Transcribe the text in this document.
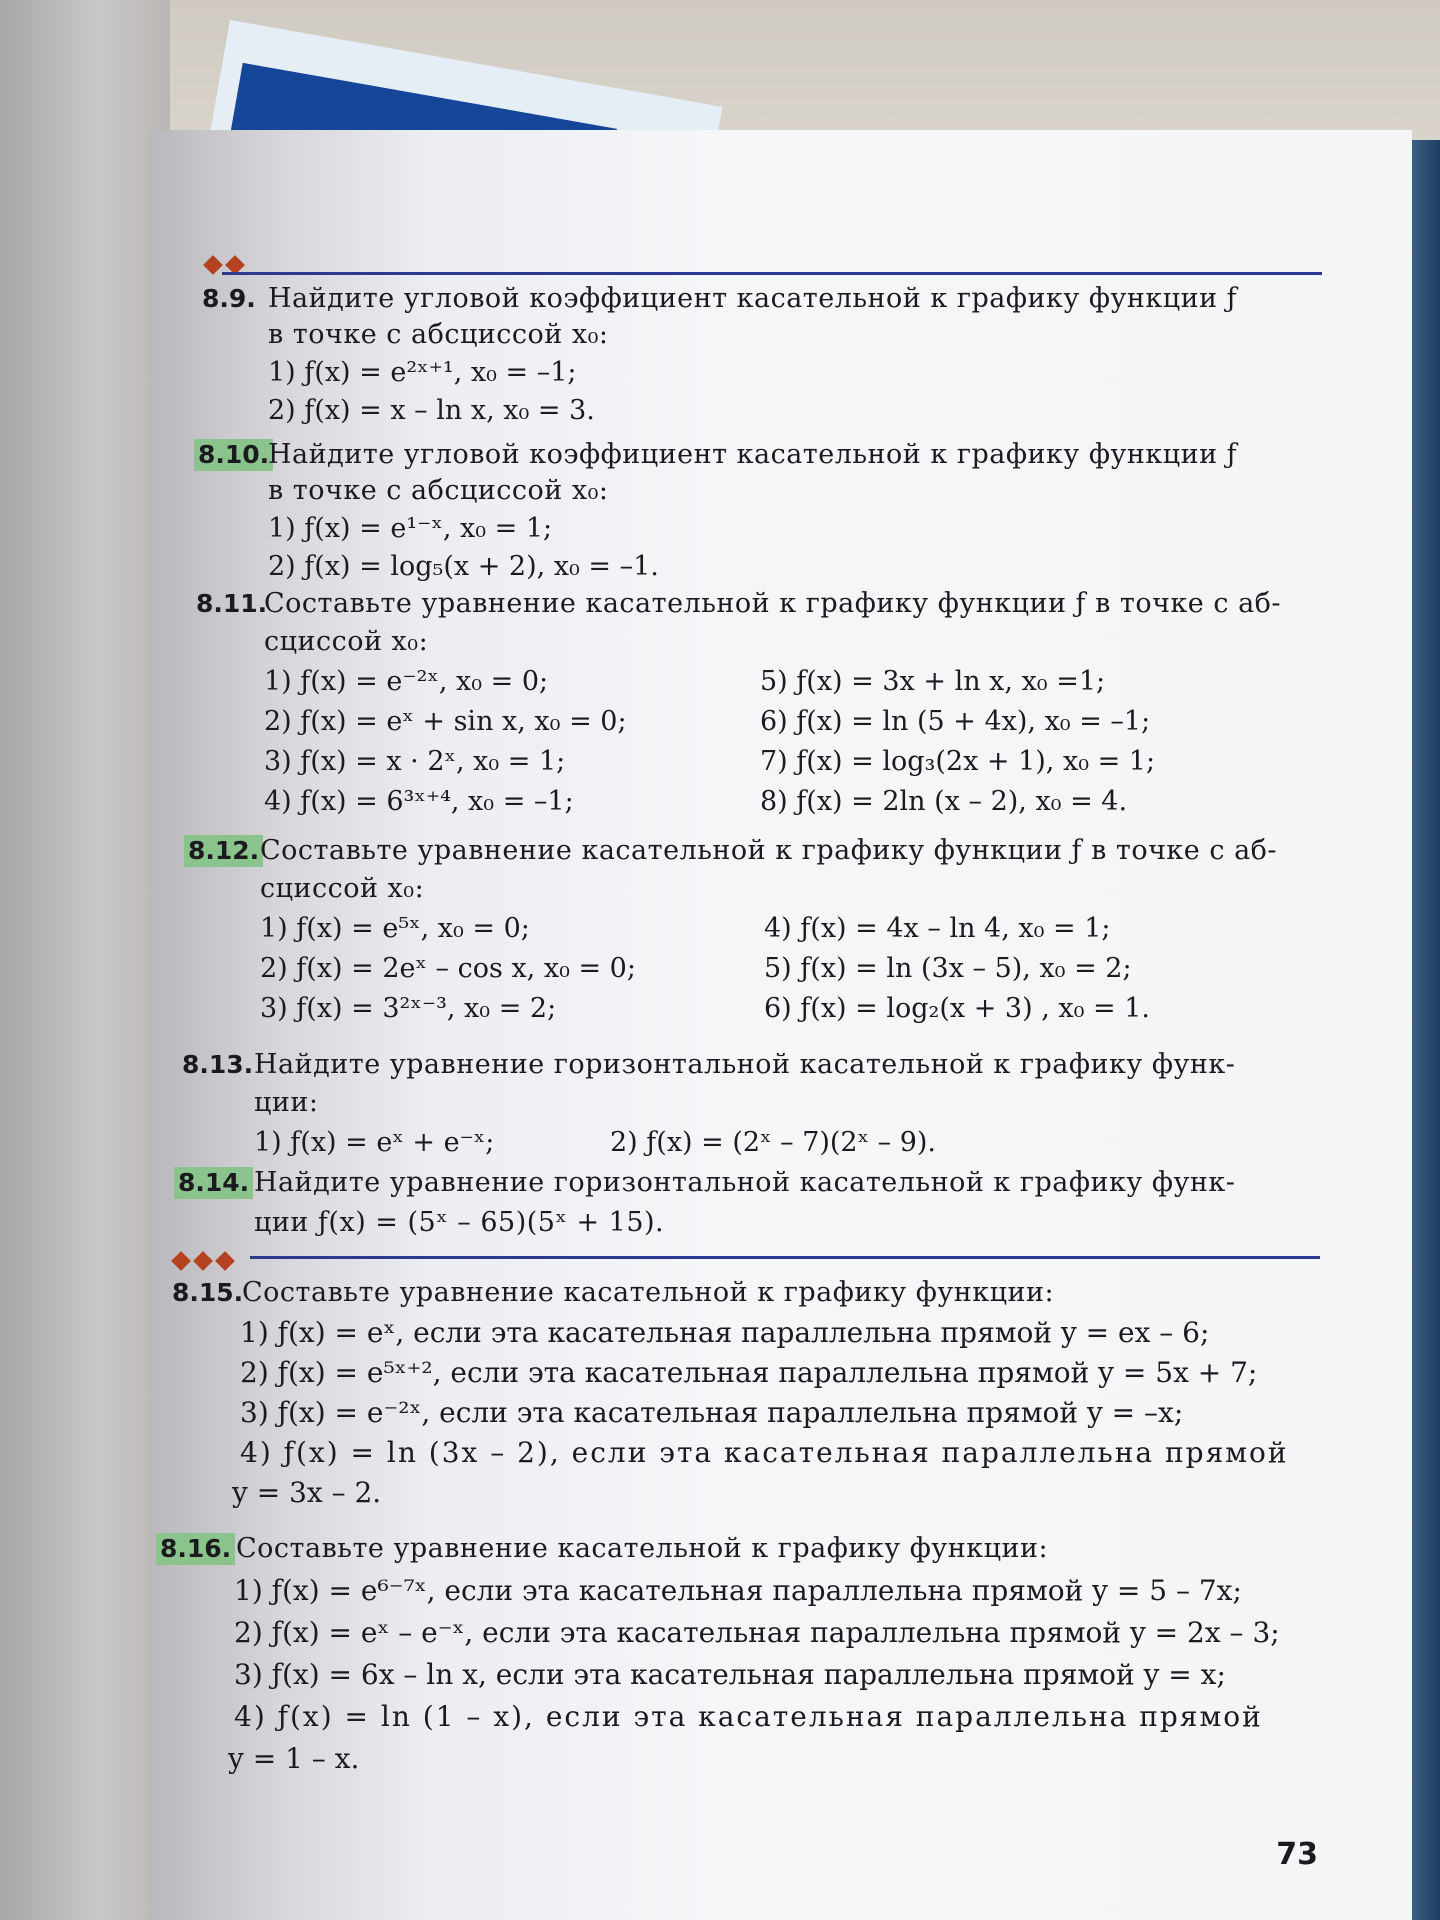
8.9. Найдите угловой коэффициент касательной к графику функции ƒ
в точке с абсциссой x₀:
1) ƒ(x) = e²ˣ⁺¹, x₀ = –1;
2) ƒ(x) = x – ln x, x₀ = 3.
8.10.
Найдите угловой коэффициент касательной к графику функции ƒ
в точке с абсциссой x₀:
1) ƒ(x) = e¹⁻ˣ, x₀ = 1;
2) ƒ(x) = log₅(x + 2), x₀ = –1.
8.11.
Составьте уравнение касательной к графику функции ƒ в точке с аб-
сциссой x₀:
1) ƒ(x) = e⁻²ˣ, x₀ = 0;
2) ƒ(x) = eˣ + sin x, x₀ = 0;
3) ƒ(x) = x · 2ˣ, x₀ = 1;
4) ƒ(x) = 6³ˣ⁺⁴, x₀ = –1;
5) ƒ(x) = 3x + ln x, x₀ =1;
6) ƒ(x) = ln (5 + 4x), x₀ = –1;
7) ƒ(x) = log₃(2x + 1), x₀ = 1;
8) ƒ(x) = 2ln (x – 2), x₀ = 4.
8.12. Составьте уравнение касательной к графику функции ƒ в точке с аб-
сциссой x₀:
1) ƒ(x) = e⁵ˣ, x₀ = 0;
2) ƒ(x) = 2eˣ – cos x, x₀ = 0;
3) ƒ(x) = 3²ˣ⁻³, x₀ = 2;
4) ƒ(x) = 4x – ln 4, x₀ = 1;
5) ƒ(x) = ln (3x – 5), x₀ = 2;
6) ƒ(x) = log₂(x + 3) , x₀ = 1.
8.13. Найдите уравнение горизонтальной касательной к графику функ-
ции:
1) ƒ(x) = eˣ + e⁻ˣ;	2) ƒ(x) = (2ˣ – 7)(2ˣ – 9).
8.14. Найдите уравнение горизонтальной касательной к графику функ-
ции ƒ(x) = (5ˣ – 65)(5ˣ + 15).
8.15.
Составьте уравнение касательной к графику функции:
1) ƒ(x) = eˣ, если эта касательная параллельна прямой y = ex – 6;
2) ƒ(x) = e⁵ˣ⁺², если эта касательная параллельна прямой y = 5x + 7;
3) ƒ(x) = e⁻²ˣ, если эта касательная параллельна прямой y = –x;
4) ƒ(x) = ln (3x – 2), если эта касательная параллельна прямой
y = 3x – 2.
8.16. Составьте уравнение касательной к графику функции:
1) ƒ(x) = e⁶⁻⁷ˣ, если эта касательная параллельна прямой y = 5 – 7x;
2) ƒ(x) = eˣ – e⁻ˣ, если эта касательная параллельна прямой y = 2x – 3;
3) ƒ(x) = 6x – ln x, если эта касательная параллельна прямой y = x;
4) ƒ(x) = ln (1 – x), если эта касательная параллельна прямой
y = 1 – x.
73
